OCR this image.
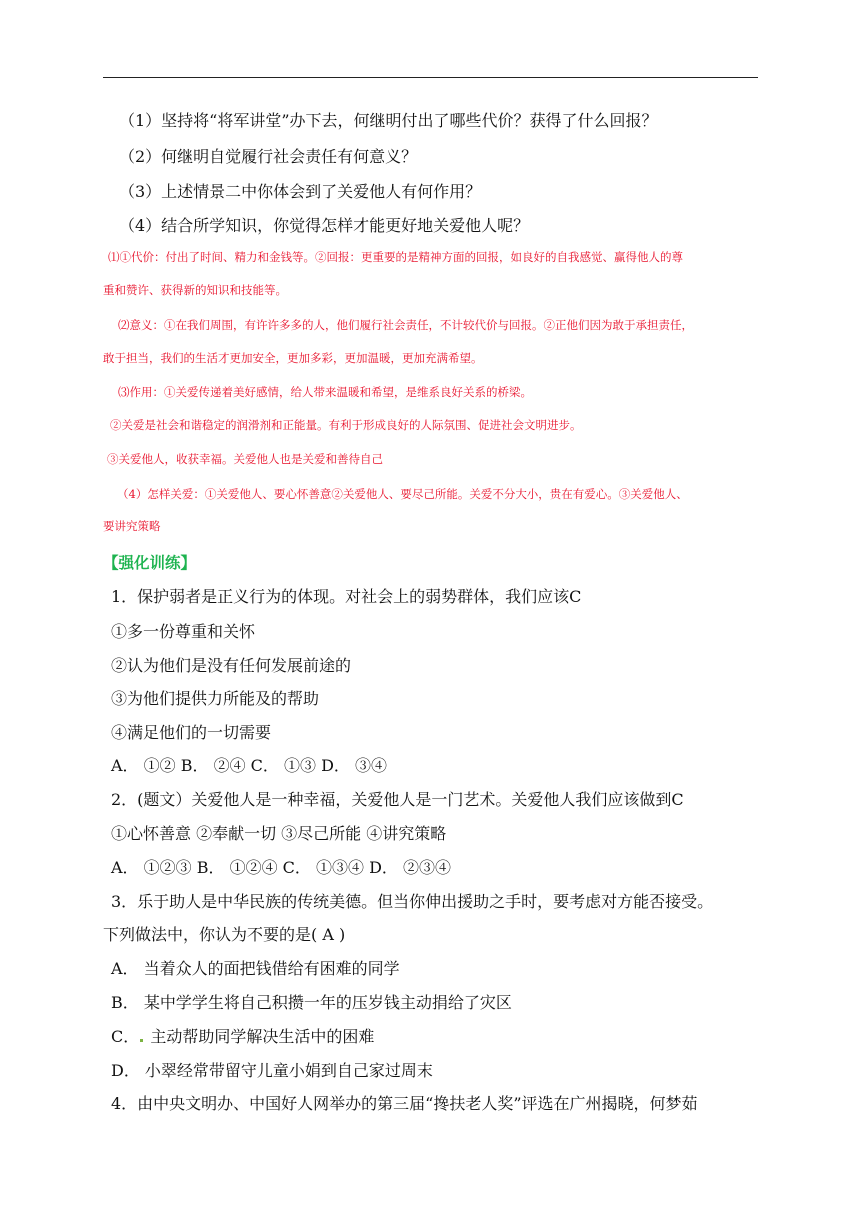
（1）坚持将“将军讲堂”办下去，何继明付出了哪些代价？获得了什么回报？
（2）何继明自觉履行社会责任有何意义？
（3）上述情景二中你体会到了关爱他人有何作用？
（4）结合所学知识，你觉得怎样才能更好地关爱他人呢？
⑴①代价：付出了时间、精力和金钱等。②回报：更重要的是精神方面的回报，如良好的自我感觉、赢得他人的尊
重和赞许、获得新的知识和技能等。
⑵意义：①在我们周围，有许许多多的人，他们履行社会责任，不计较代价与回报。②正他们因为敢于承担责任，
敢于担当，我们的生活才更加安全，更加多彩，更加温暖，更加充满希望。
⑶作用：①关爱传递着美好感情，给人带来温暖和希望，是维系良好关系的桥梁。
②关爱是社会和谐稳定的润滑剂和正能量。有利于形成良好的人际氛围、促进社会文明进步。
③关爱他人，收获幸福。关爱他人也是关爱和善待自己
（4）怎样关爱：①关爱他人、要心怀善意②关爱他人、要尽己所能。关爱不分大小，贵在有爱心。③关爱他人、
要讲究策略
【强化训练】
1．保护弱者是正义行为的体现。对社会上的弱势群体，我们应该C
①多一份尊重和关怀
②认为他们是没有任何发展前途的
③为他们提供力所能及的帮助
④满足他们的一切需要
A． ①② B． ②④ C． ①③ D． ③④
2．(题文）关爱他人是一种幸福，关爱他人是一门艺术。关爱他人我们应该做到C
①心怀善意 ②奉献一切 ③尽己所能 ④讲究策略
A． ①②③ B． ①②④ C． ①③④ D． ②③④
3．乐于助人是中华民族的传统美德。但当你伸出援助之手时，要考虑对方能否接受。
下列做法中，你认为不要的是( A )
A． 当着众人的面把钱借给有困难的同学
B． 某中学学生将自己积攒一年的压岁钱主动捐给了灾区
C． 主动帮助同学解决生活中的困难
D． 小翠经常带留守儿童小娟到自己家过周末
4．由中央文明办、中国好人网举办的第三届“搀扶老人奖”评选在广州揭晓，何梦茹
